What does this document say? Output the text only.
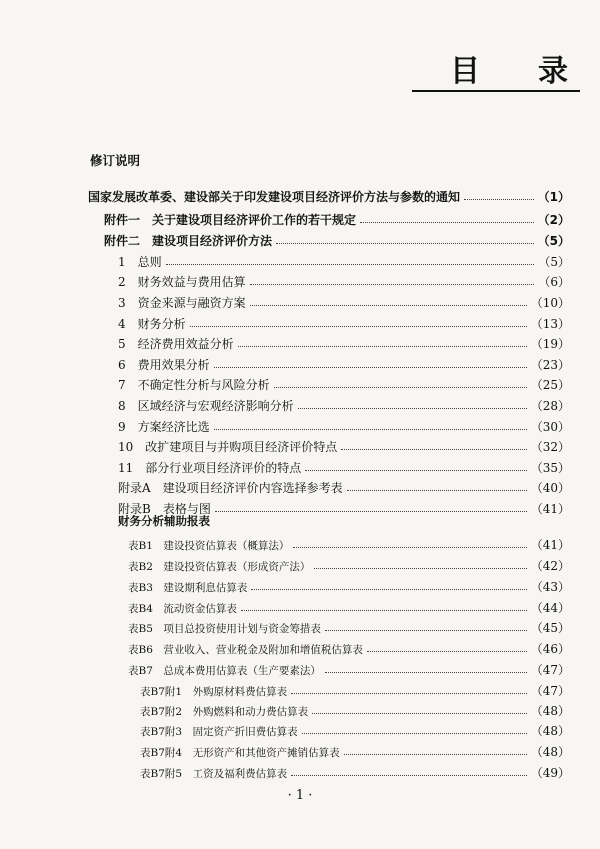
目 录
修订说明
国家发展改革委、建设部关于印发建设项目经济评价方法与参数的通知	（1）
附件一　关于建设项目经济评价工作的若干规定	（2）
附件二　建设项目经济评价方法	（5）
1　总则	（5）
2　财务效益与费用估算	（6）
3　资金来源与融资方案	（10）
4　财务分析	（13）
5　经济费用效益分析	（19）
6　费用效果分析	（23）
7　不确定性分析与风险分析	（25）
8　区域经济与宏观经济影响分析	（28）
9　方案经济比选	（30）
10　改扩建项目与并购项目经济评价特点	（32）
11　部分行业项目经济评价的特点	（35）
附录A　建设项目经济评价内容选择参考表	（40）
附录B　表格与图	（41）
表B1　建设投资估算表（概算法）	（41）
表B2　建设投资估算表（形成资产法）	（42）
表B3　建设期利息估算表	（43）
表B4　流动资金估算表	（44）
表B5　项目总投资使用计划与资金筹措表	（45）
表B6　营业收入、营业税金及附加和增值税估算表	（46）
表B7　总成本费用估算表（生产要素法）	（47）
表B7附1　外购原材料费估算表	（47）
表B7附2　外购燃料和动力费估算表	（48）
表B7附3　固定资产折旧费估算表	（48）
表B7附4　无形资产和其他资产摊销估算表	（48）
表B7附5　工资及福利费估算表	（49）
财务分析辅助报表
· 1 ·
